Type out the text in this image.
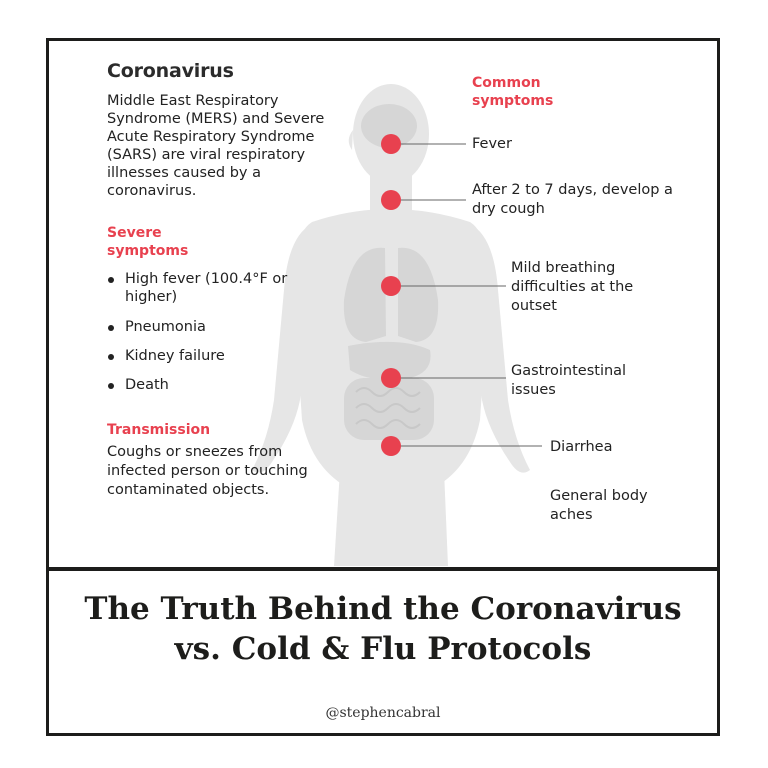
Coronavirus
Middle East Respiratory Syndrome (MERS) and Severe Acute Respiratory Syndrome (SARS) are viral respiratory illnesses caused by a coronavirus.
Severe symptoms
High fever (100.4°F or higher)
Pneumonia
Kidney failure
Death
Transmission
Coughs or sneezes from infected person or touching contaminated objects.
Common symptoms
Fever
After 2 to 7 days, develop a dry cough
Mild breathing difficulties at the outset
Gastrointestinal issues
Diarrhea
General body aches
The Truth Behind the Coronavirus
vs. Cold & Flu Protocols
@stephencabral
